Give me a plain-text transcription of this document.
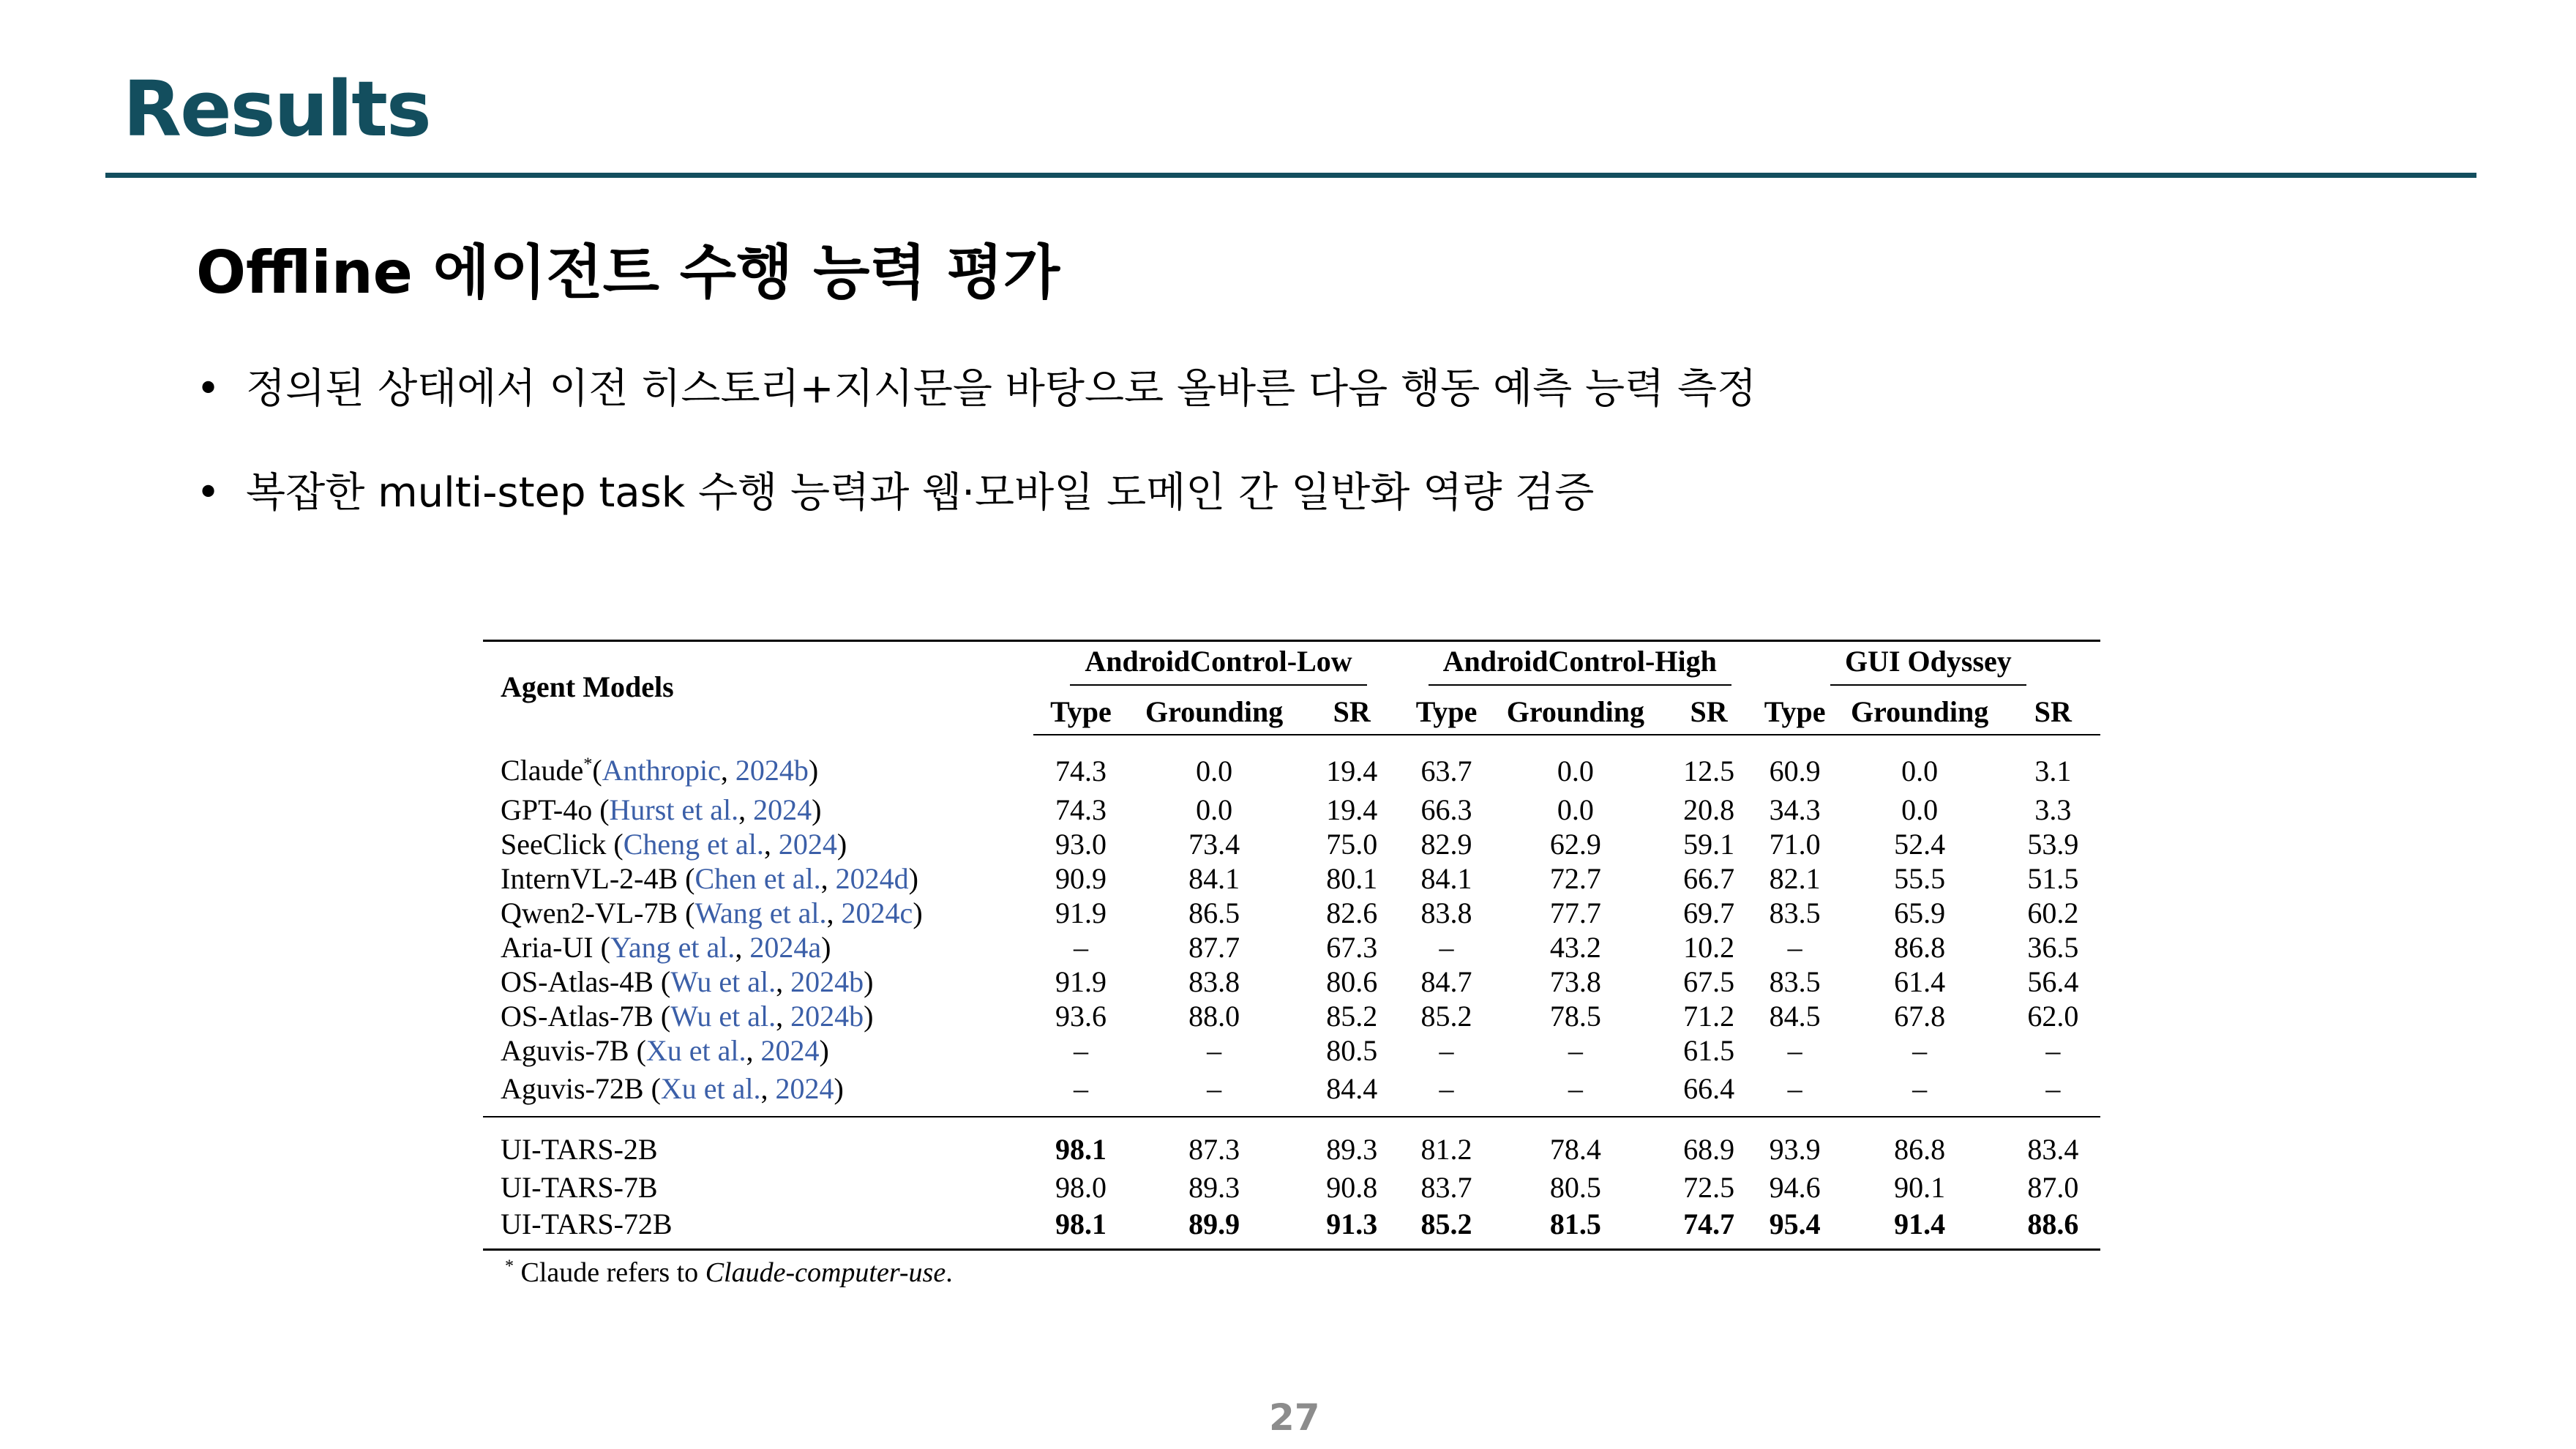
Results
Offline 에이전트 수행 능력 평가
• 정의된 상태에서 이전 히스토리+지시문을 바탕으로 올바른 다음 행동 예측 능력 측정
• 복잡한 multi-step task 수행 능력과 웹·모바일 도메인 간 일반화 역량 검증
Agent Models	AndroidControl-Low			AndroidControl-High			GUI Odyssey		
	Type	Grounding	SR	Type	Grounding	SR	Type	Grounding	SR
Claude*(Anthropic, 2024b)	74.3	0.0	19.4	63.7	0.0	12.5	60.9	0.0	3.1
GPT-4o (Hurst et al., 2024)	74.3	0.0	19.4	66.3	0.0	20.8	34.3	0.0	3.3
SeeClick (Cheng et al., 2024)	93.0	73.4	75.0	82.9	62.9	59.1	71.0	52.4	53.9
InternVL-2-4B (Chen et al., 2024d)	90.9	84.1	80.1	84.1	72.7	66.7	82.1	55.5	51.5
Qwen2-VL-7B (Wang et al., 2024c)	91.9	86.5	82.6	83.8	77.7	69.7	83.5	65.9	60.2
Aria-UI (Yang et al., 2024a)	–	87.7	67.3	–	43.2	10.2	–	86.8	36.5
OS-Atlas-4B (Wu et al., 2024b)	91.9	83.8	80.6	84.7	73.8	67.5	83.5	61.4	56.4
OS-Atlas-7B (Wu et al., 2024b)	93.6	88.0	85.2	85.2	78.5	71.2	84.5	67.8	62.0
Aguvis-7B (Xu et al., 2024)	–	–	80.5	–	–	61.5	–	–	–
Aguvis-72B (Xu et al., 2024)	–	–	84.4	–	–	66.4	–	–	–
UI-TARS-2B	98.1	87.3	89.3	81.2	78.4	68.9	93.9	86.8	83.4
UI-TARS-7B	98.0	89.3	90.8	83.7	80.5	72.5	94.6	90.1	87.0
UI-TARS-72B	98.1	89.9	91.3	85.2	81.5	74.7	95.4	91.4	88.6
* Claude refers to Claude-computer-use.
27
